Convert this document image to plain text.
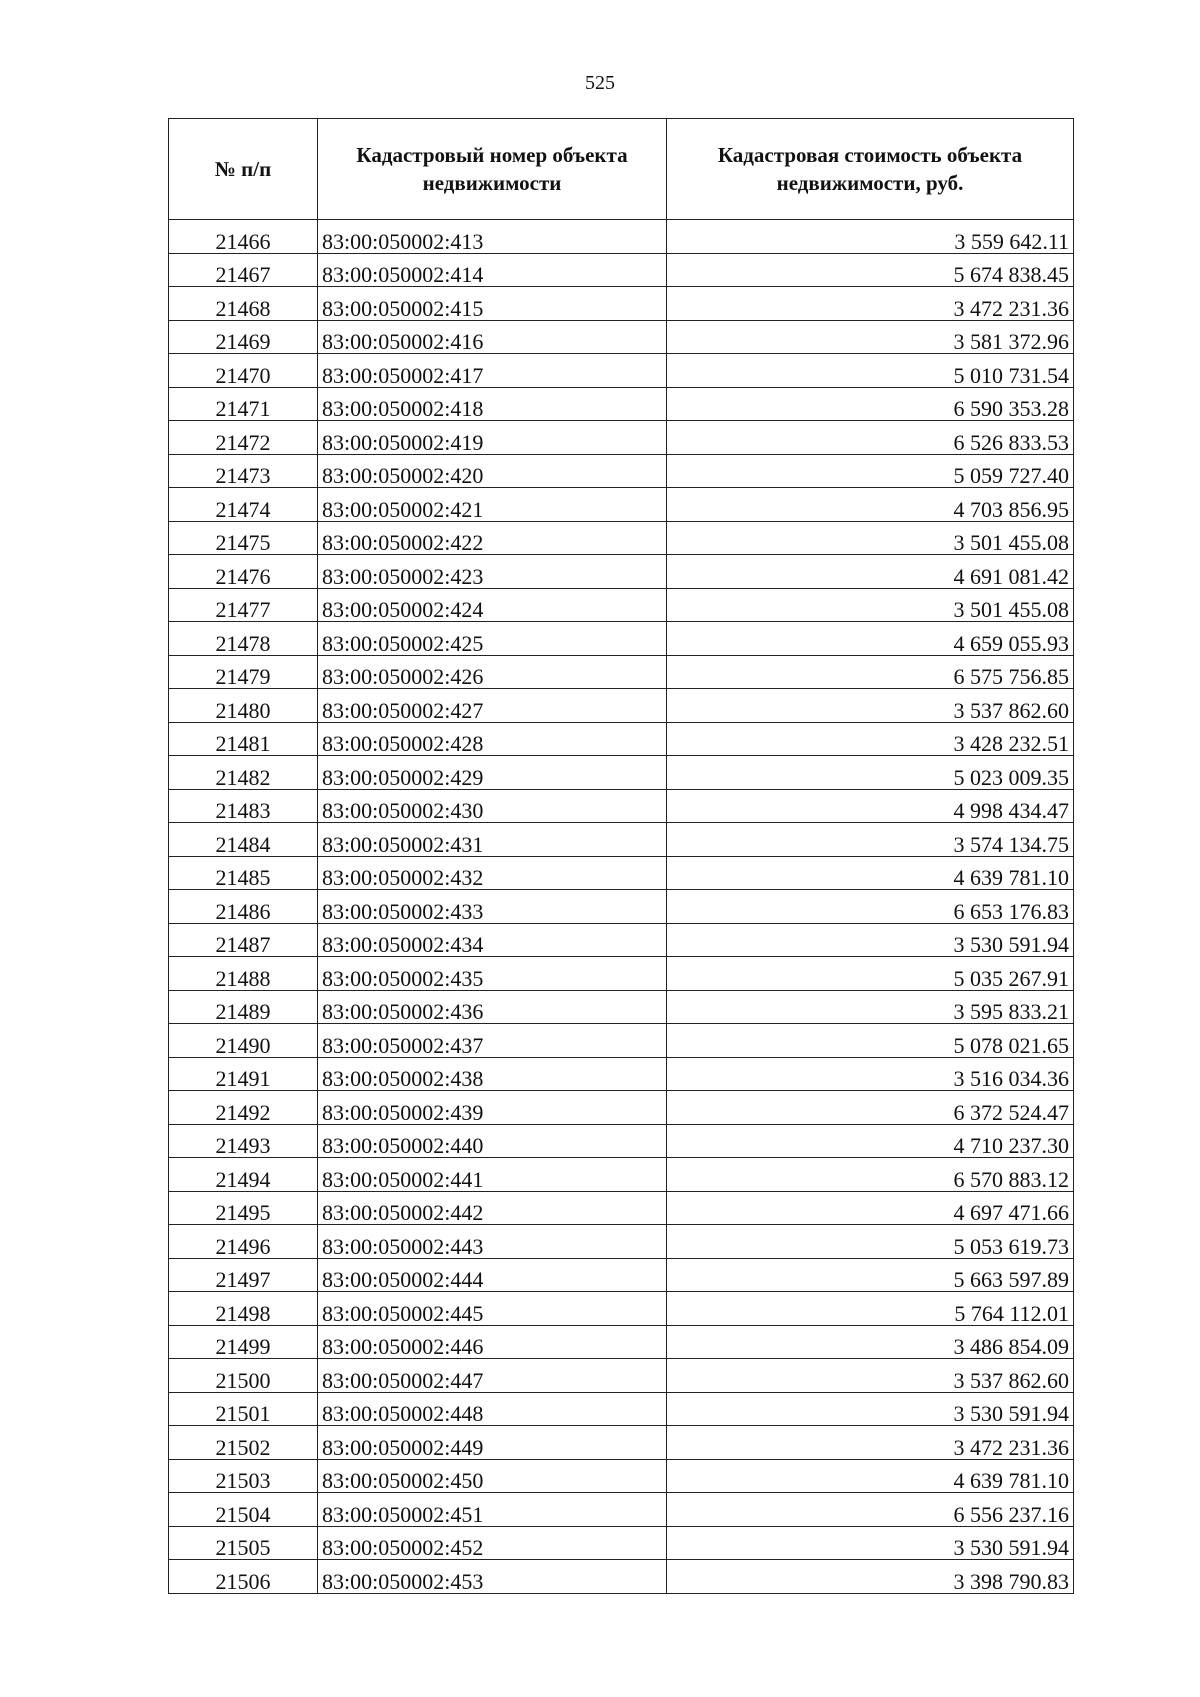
525
№ п/п	Кадастровый номер объекта недвижимости	Кадастровая стоимость объекта недвижимости, руб.
21466	83:00:050002:413	3 559 642.11
21467	83:00:050002:414	5 674 838.45
21468	83:00:050002:415	3 472 231.36
21469	83:00:050002:416	3 581 372.96
21470	83:00:050002:417	5 010 731.54
21471	83:00:050002:418	6 590 353.28
21472	83:00:050002:419	6 526 833.53
21473	83:00:050002:420	5 059 727.40
21474	83:00:050002:421	4 703 856.95
21475	83:00:050002:422	3 501 455.08
21476	83:00:050002:423	4 691 081.42
21477	83:00:050002:424	3 501 455.08
21478	83:00:050002:425	4 659 055.93
21479	83:00:050002:426	6 575 756.85
21480	83:00:050002:427	3 537 862.60
21481	83:00:050002:428	3 428 232.51
21482	83:00:050002:429	5 023 009.35
21483	83:00:050002:430	4 998 434.47
21484	83:00:050002:431	3 574 134.75
21485	83:00:050002:432	4 639 781.10
21486	83:00:050002:433	6 653 176.83
21487	83:00:050002:434	3 530 591.94
21488	83:00:050002:435	5 035 267.91
21489	83:00:050002:436	3 595 833.21
21490	83:00:050002:437	5 078 021.65
21491	83:00:050002:438	3 516 034.36
21492	83:00:050002:439	6 372 524.47
21493	83:00:050002:440	4 710 237.30
21494	83:00:050002:441	6 570 883.12
21495	83:00:050002:442	4 697 471.66
21496	83:00:050002:443	5 053 619.73
21497	83:00:050002:444	5 663 597.89
21498	83:00:050002:445	5 764 112.01
21499	83:00:050002:446	3 486 854.09
21500	83:00:050002:447	3 537 862.60
21501	83:00:050002:448	3 530 591.94
21502	83:00:050002:449	3 472 231.36
21503	83:00:050002:450	4 639 781.10
21504	83:00:050002:451	6 556 237.16
21505	83:00:050002:452	3 530 591.94
21506	83:00:050002:453	3 398 790.83
